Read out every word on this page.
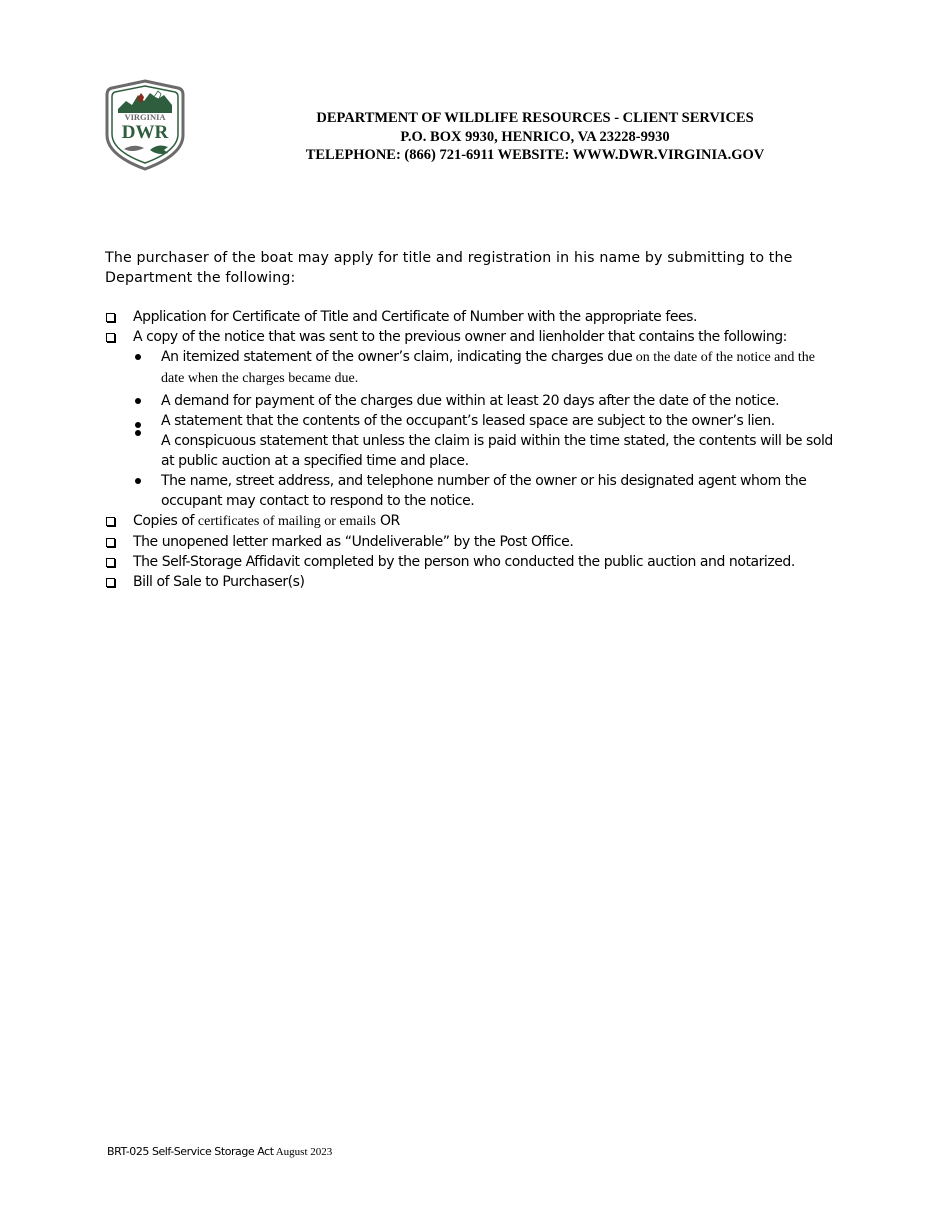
VIRGINIA
DWR
DEPARTMENT OF WILDLIFE RESOURCES - CLIENT SERVICES
P.O. BOX 9930, HENRICO, VA 23228-9930
TELEPHONE: (866) 721-6911 WEBSITE: WWW.DWR.VIRGINIA.GOV
The purchaser of the boat may apply for title and registration in his name by submitting to the Department the following:
Application for Certificate of Title and Certificate of Number with the appropriate fees.
A copy of the notice that was sent to the previous owner and lienholder that contains the following:
An itemized statement of the owner’s claim, indicating the charges due on the date of the notice and the date when the charges became due.
A demand for payment of the charges due within at least 20 days after the date of the notice.
A statement that the contents of the occupant’s leased space are subject to the owner’s lien.
A conspicuous statement that unless the claim is paid within the time stated, the contents will be sold at public auction at a specified time and place.
The name, street address, and telephone number of the owner or his designated agent whom the occupant may contact to respond to the notice.
Copies of certificates of mailing or emails OR
The unopened letter marked as “Undeliverable” by the Post Office.
The Self-Storage Affidavit completed by the person who conducted the public auction and notarized.
Bill of Sale to Purchaser(s)
BRT-025 Self-Service Storage Act August 2023
